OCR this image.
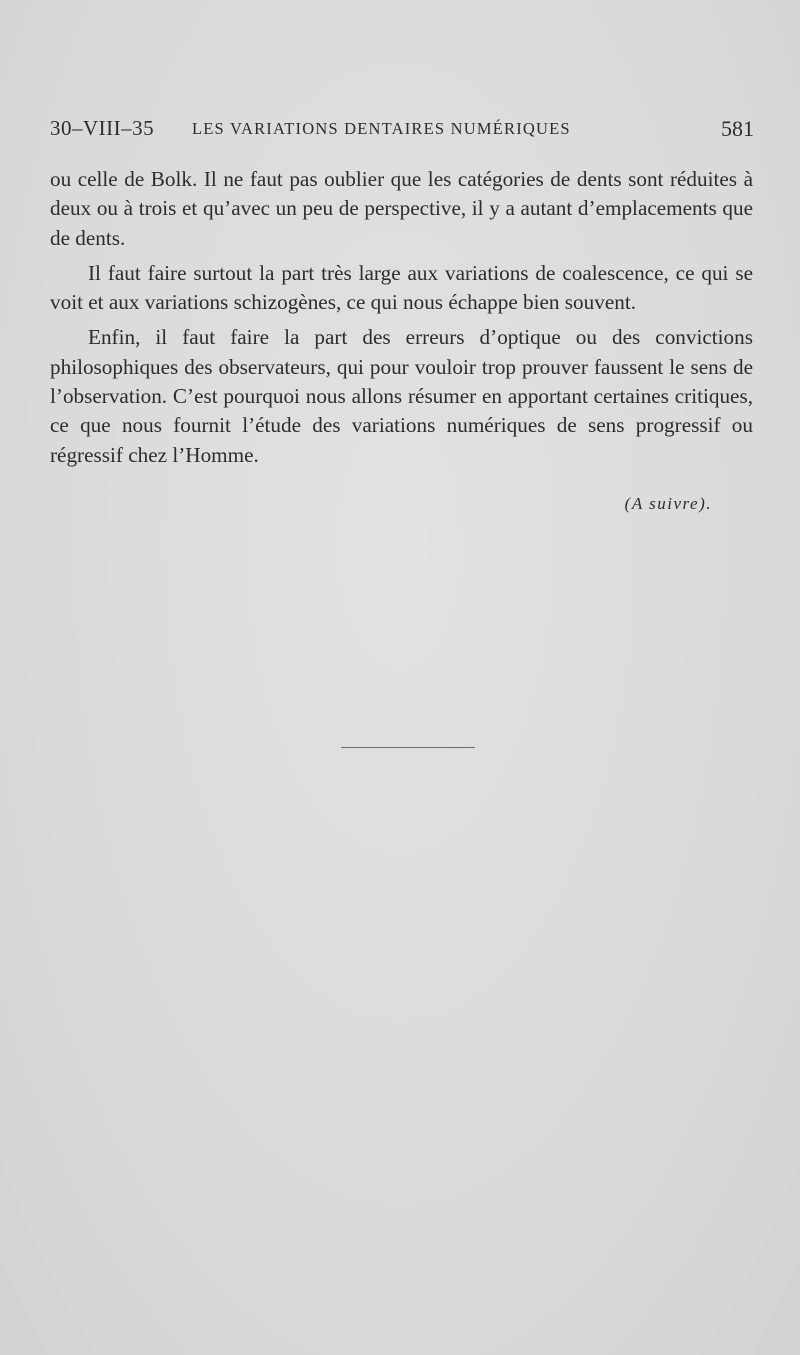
30–VIII–35 LES VARIATIONS DENTAIRES NUMÉRIQUES	581

ou celle de Bolk. Il ne faut pas oublier que les catégories de dents sont réduites à deux ou à trois et qu’avec un peu de perspective, il y a autant d’emplacements que de dents.

Il faut faire surtout la part très large aux variations de coalescence, ce qui se voit et aux variations schizogènes, ce qui nous échappe bien souvent.

Enfin, il faut faire la part des erreurs d’optique ou des convictions philosophiques des observateurs, qui pour vouloir trop prouver faussent le sens de l’observation. C’est pourquoi nous allons résumer en apportant certaines critiques, ce que nous fournit l’étude des variations numériques de sens progressif ou régressif chez l’Homme.

(A suivre).
